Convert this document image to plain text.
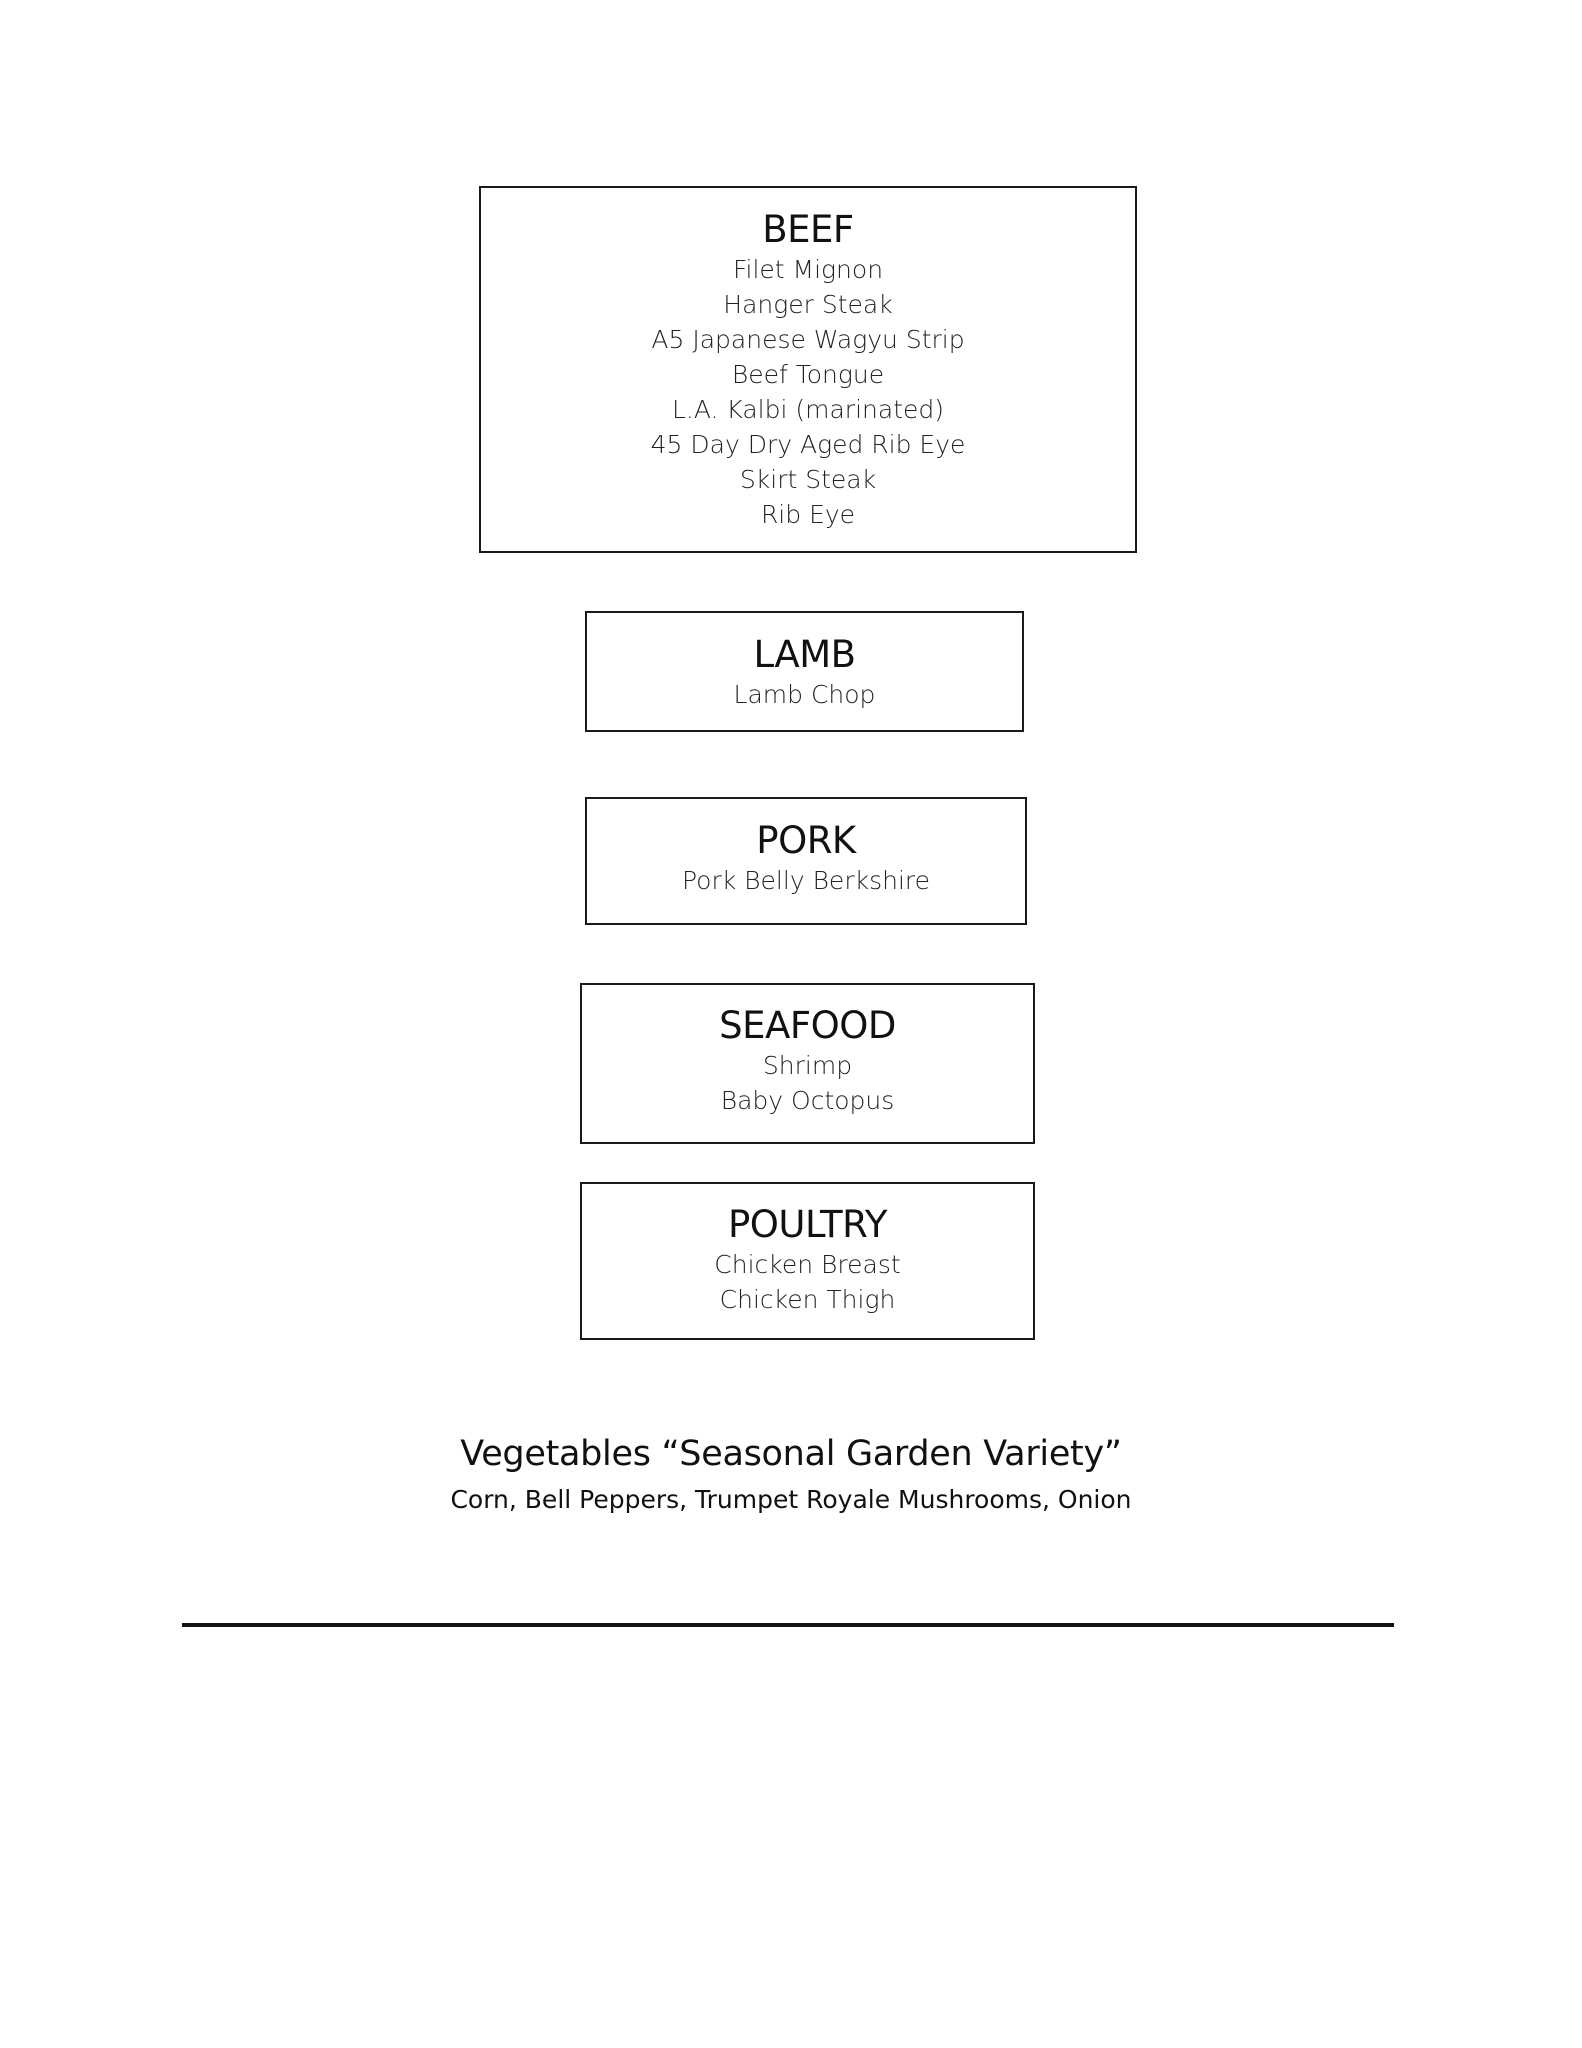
BEEF
Filet Mignon
Hanger Steak
A5 Japanese Wagyu Strip
Beef Tongue
L.A. Kalbi (marinated)
45 Day Dry Aged Rib Eye
Skirt Steak
Rib Eye
LAMB
Lamb Chop
PORK
Pork Belly Berkshire
SEAFOOD
Shrimp
Baby Octopus
POULTRY
Chicken Breast
Chicken Thigh
Vegetables “Seasonal Garden Variety”
Corn, Bell Peppers, Trumpet Royale Mushrooms, Onion
